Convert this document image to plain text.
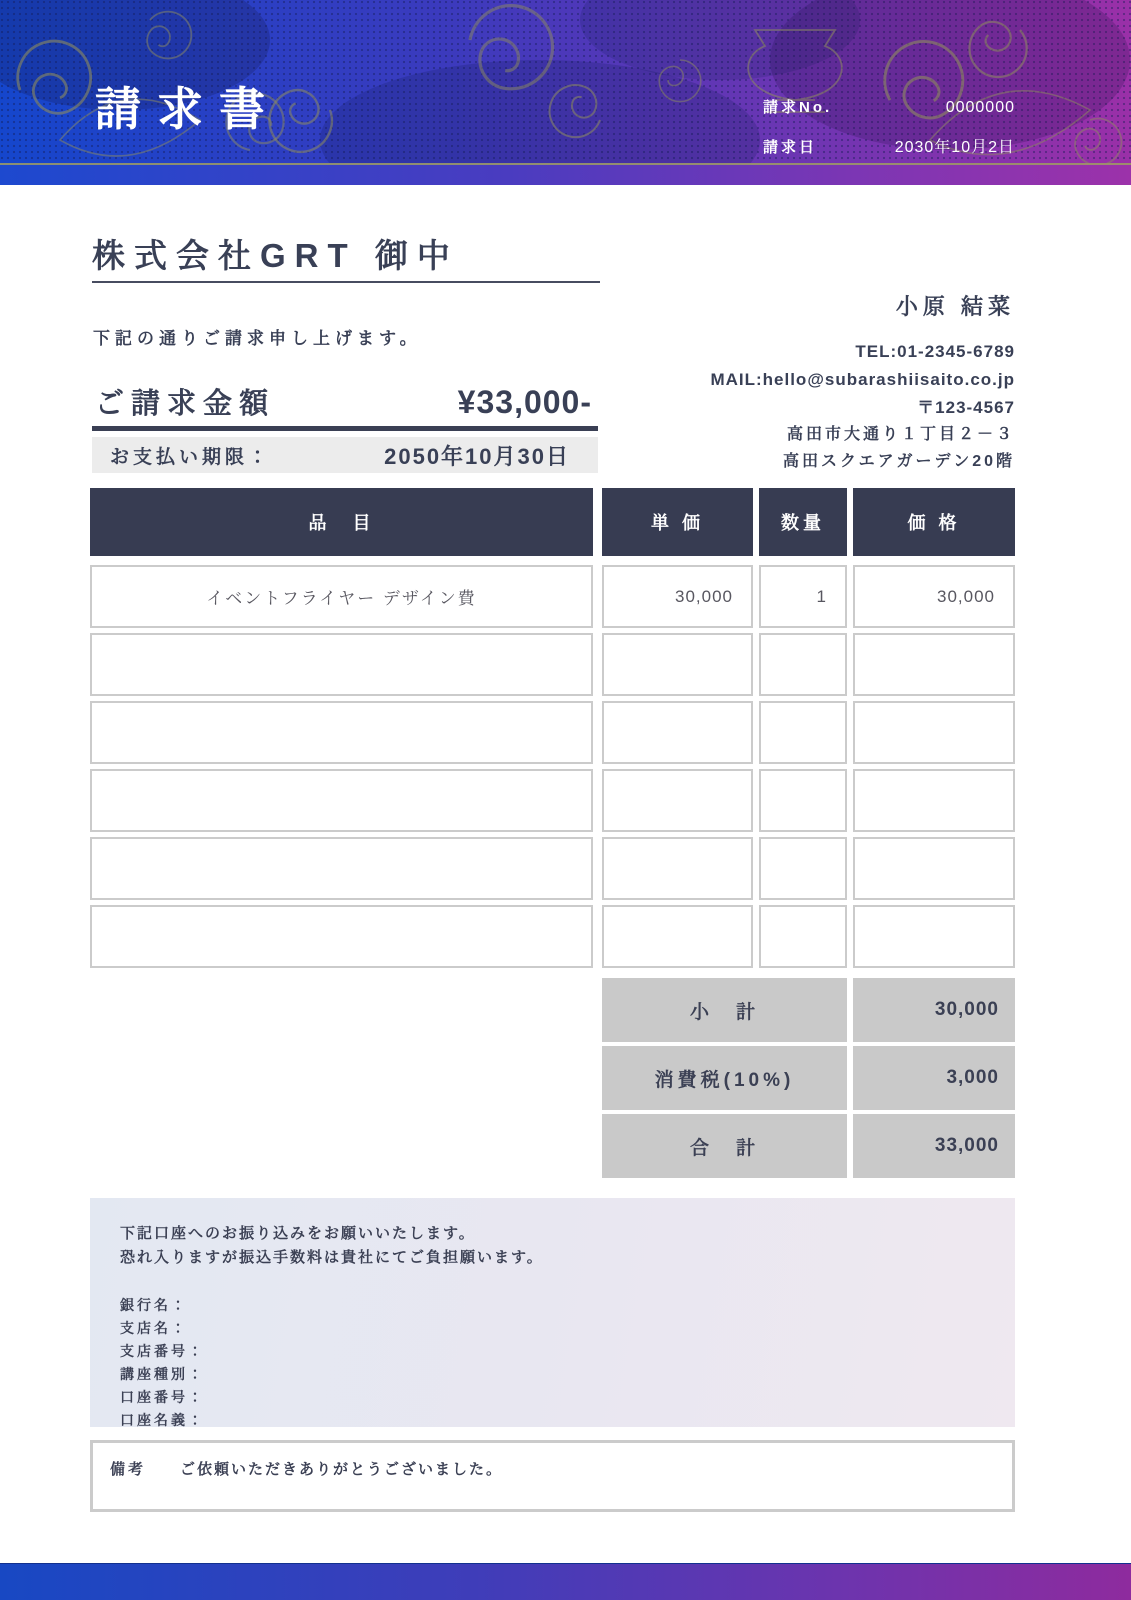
請求書	請求No.	0000000
請求日	2030年10月2日
株式会社GRT 御中
下記の通りご請求申し上げます。
ご請求金額	¥33,000-
お支払い期限：	2050年10月30日
小原 結菜
TEL:01-2345-6789
MAIL:hello@subarashiisaito.co.jp
〒123-4567
高田市大通り１丁目２－３
高田スクエアガーデン20階
品　目	単 価	数量	価 格
イベントフライヤー デザイン費	30,000	1	30,000
小　計	30,000
消費税(10%)	3,000
合　計	33,000
下記口座へのお振り込みをお願いいたします。
恐れ入りますが振込手数料は貴社にてご負担願います。
銀行名：
支店名：
支店番号：
講座種別：
口座番号：
口座名義：
備考 ご依頼いただきありがとうございました。
